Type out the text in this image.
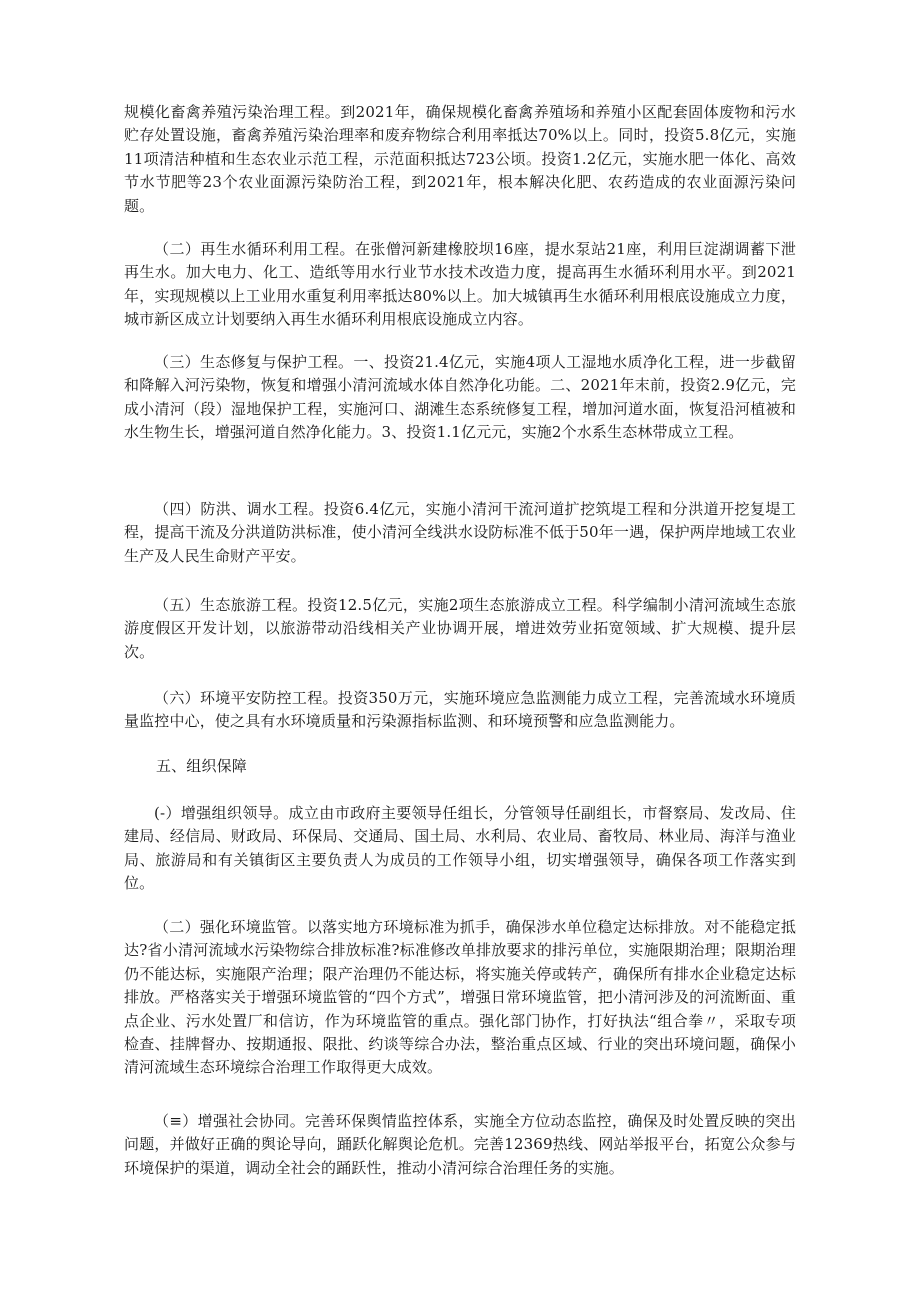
规模化畜禽养殖污染治理工程。到2021年，确保规模化畜禽养殖场和养殖小区配套固体废物和污水贮存处置设施，畜禽养殖污染治理率和废弃物综合利用率抵达70%以上。同时，投资5.8亿元，实施11项清洁种植和生态农业示范工程，示范面积抵达723公顷。投资1.2亿元，实施水肥一体化、高效节水节肥等23个农业面源污染防治工程，到2021年，根本解决化肥、农药造成的农业面源污染问题。

（二）再生水循环利用工程。在张僧河新建橡胶坝16座，提水泵站21座，利用巨淀湖调蓄下泄再生水。加大电力、化工、造纸等用水行业节水技术改造力度，提高再生水循环利用水平。到2021年，实现规模以上工业用水重复利用率抵达80%以上。加大城镇再生水循环利用根底设施成立力度，城市新区成立计划要纳入再生水循环利用根底设施成立内容。

（三）生态修复与保护工程。一、投资21.4亿元，实施4项人工湿地水质净化工程，进一步截留和降解入河污染物，恢复和增强小清河流域水体自然净化功能。二、2021年末前，投资2.9亿元，完成小清河（段）湿地保护工程，实施河口、湖滩生态系统修复工程，增加河道水面，恢复沿河植被和水生物生长，增强河道自然净化能力。3、投资1.1亿元元，实施2个水系生态林带成立工程。

（四）防洪、调水工程。投资6.4亿元，实施小清河干流河道扩挖筑堤工程和分洪道开挖复堤工程，提高干流及分洪道防洪标准，使小清河全线洪水设防标准不低于50年一遇，保护两岸地域工农业生产及人民生命财产平安。

（五）生态旅游工程。投资12.5亿元，实施2项生态旅游成立工程。科学编制小清河流域生态旅游度假区开发计划，以旅游带动沿线相关产业协调开展，增进效劳业拓宽领域、扩大规模、提升层次。

（六）环境平安防控工程。投资350万元，实施环境应急监测能力成立工程，完善流域水环境质量监控中心，使之具有水环境质量和污染源指标监测、和环境预警和应急监测能力。

五、组织保障

(-）增强组织领导。成立由市政府主要领导任组长，分管领导任副组长，市督察局、发改局、住建局、经信局、财政局、环保局、交通局、国土局、水利局、农业局、畜牧局、林业局、海洋与渔业局、旅游局和有关镇街区主要负责人为成员的工作领导小组，切实增强领导，确保各项工作落实到位。

（二）强化环境监管。以落实地方环境标准为抓手，确保涉水单位稳定达标排放。对不能稳定抵达?省小清河流域水污染物综合排放标准?标准修改单排放要求的排污单位，实施限期治理；限期治理仍不能达标，实施限产治理；限产治理仍不能达标，将实施关停或转产，确保所有排水企业稳定达标排放。严格落实关于增强环境监管的“四个方式”，增强日常环境监管，把小清河涉及的河流断面、重点企业、污水处置厂和信访，作为环境监管的重点。强化部门协作，打好执法“组合拳〃，采取专项检查、挂牌督办、按期通报、限批、约谈等综合办法，整治重点区域、行业的突出环境问题，确保小清河流域生态环境综合治理工作取得更大成效。

（≡）增强社会协同。完善环保舆情监控体系，实施全方位动态监控，确保及时处置反映的突出问题，并做好正确的舆论导向，踊跃化解舆论危机。完善12369热线、网站举报平台，拓宽公众参与环境保护的渠道，调动全社会的踊跃性，推动小清河综合治理任务的实施。
